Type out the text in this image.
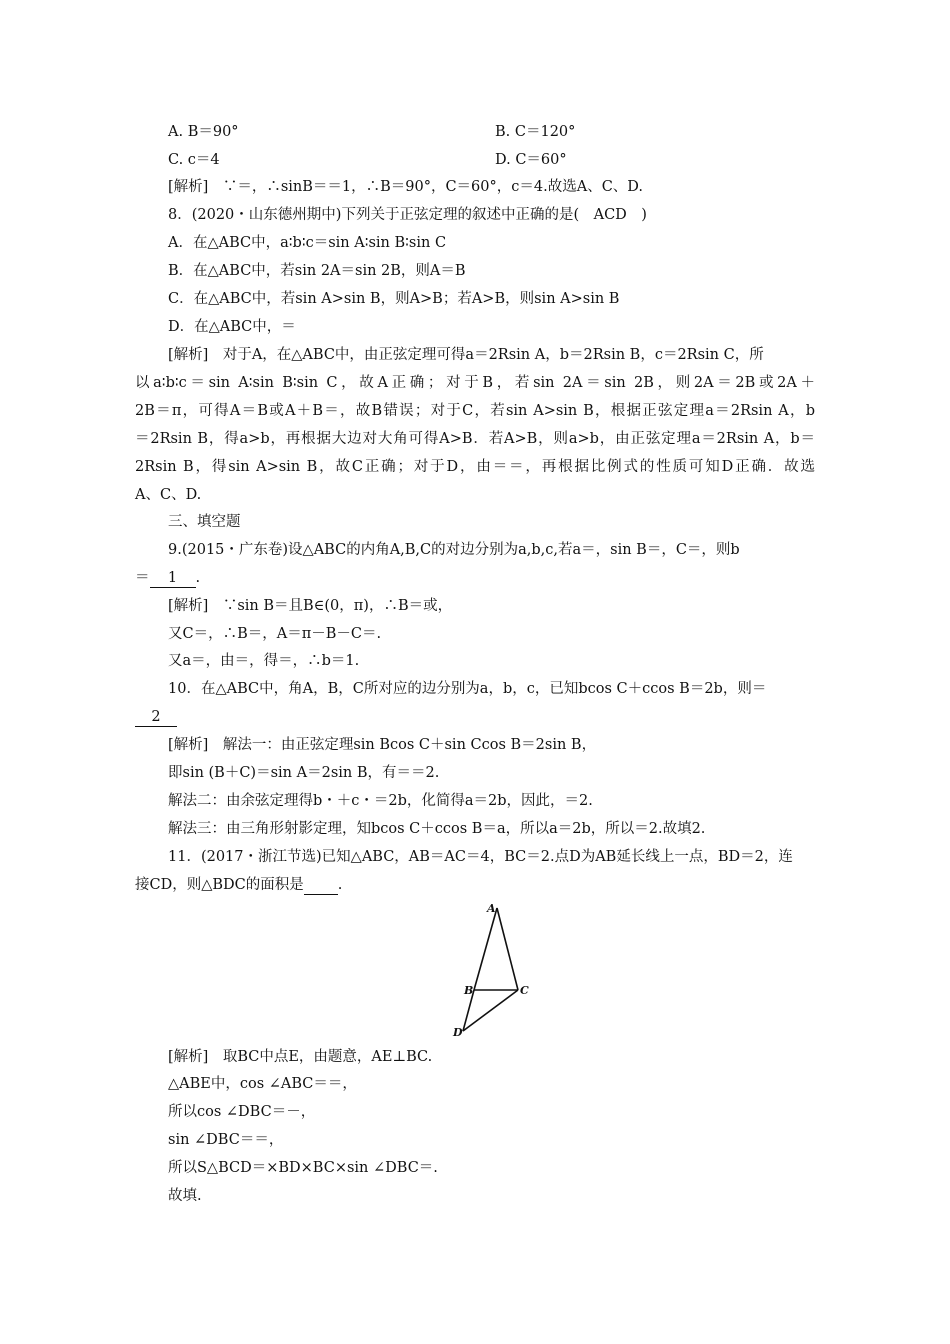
A. B＝90°	B. C＝120°
C. c＝4	D. C＝60°
[解析]　∵＝，∴sinB＝＝1，∴B＝90°，C＝60°，c＝4.故选A、C、D.
8．(2020・山东德州期中)下列关于正弦定理的叙述中正确的是(　ACD　)
A．在△ABC中，a∶b∶c＝sin A∶sin B∶sin C
B．在△ABC中，若sin 2A＝sin 2B，则A＝B
C．在△ABC中，若sin A>sin B，则A>B；若A>B，则sin A>sin B
D．在△ABC中，＝
[解析]　对于A，在△ABC中，由正弦定理可得a＝2Rsin A，b＝2Rsin B，c＝2Rsin C，所
以a∶b∶c＝sin A∶sin B∶sin C，故A正确；对于B，若sin 2A＝sin 2B，则2A＝2B或2A＋
2B＝π，可得A＝B或A＋B＝，故B错误；对于C，若sin A>sin B，根据正弦定理a＝2Rsin A，b
＝2Rsin B，得a>b，再根据大边对大角可得A>B．若A>B，则a>b，由正弦定理a＝2Rsin A，b＝
2Rsin B，得sin A>sin B，故C正确；对于D，由＝＝，再根据比例式的性质可知D正确．故选
A、C、D.
三、填空题
9.(2015・广东卷)设△ABC的内角A,B,C的对边分别为a,b,c,若a＝，sin B＝，C＝，则b
＝ 1 .
[解析]　∵sin B＝且B∈(0，π)，∴B＝或，
又C＝，∴B＝，A＝π－B－C＝.
又a＝，由＝，得＝，∴b＝1.
10．在△ABC中，角A，B，C所对应的边分别为a，b，c，已知bcos C＋ccos B＝2b，则＝
2
[解析]　解法一：由正弦定理sin Bcos C＋sin Ccos B＝2sin B，
即sin (B＋C)＝sin A＝2sin B，有＝＝2.
解法二：由余弦定理得b・＋c・＝2b，化简得a＝2b，因此，＝2.
解法三：由三角形射影定理，知bcos C＋ccos B＝a，所以a＝2b，所以＝2.故填2.
11．(2017・浙江节选)已知△ABC，AB＝AC＝4，BC＝2.点D为AB延长线上一点，BD＝2，连
接CD，则△BDC的面积是 .
A
B	C
D
[解析]　取BC中点E，由题意，AE⊥BC.
△ABE中，cos ∠ABC＝＝，
所以cos ∠DBC＝－，
sin ∠DBC＝＝，
所以S△BCD＝×BD×BC×sin ∠DBC＝.
故填.
